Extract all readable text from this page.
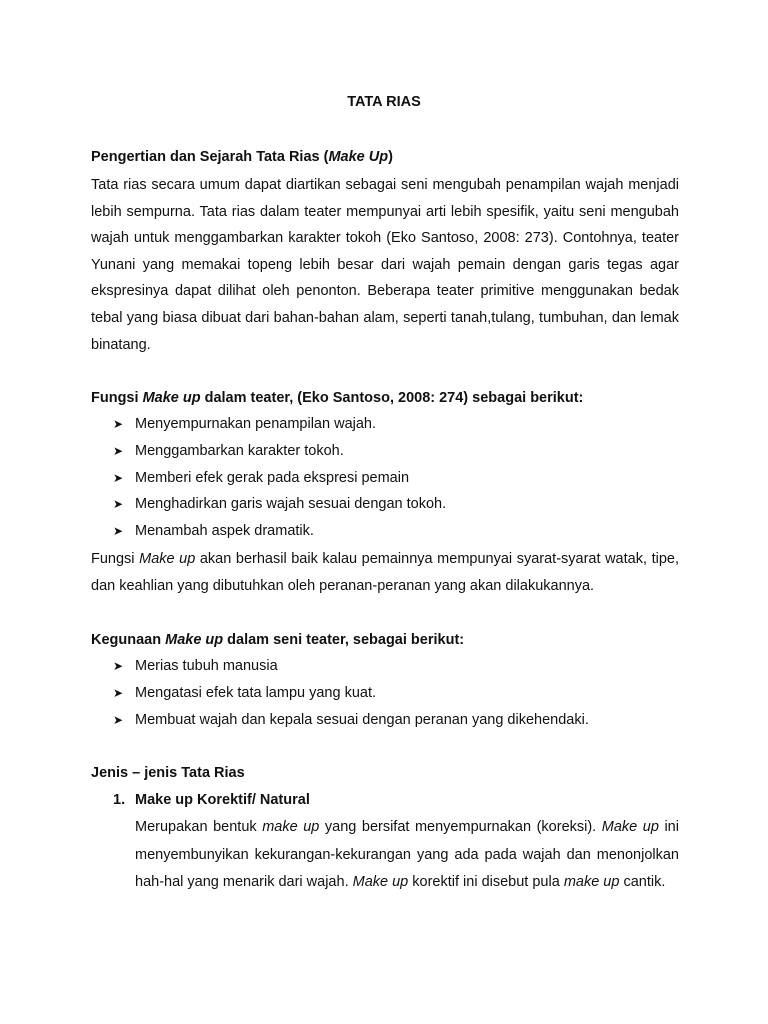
TATA RIAS
Pengertian dan Sejarah Tata Rias (Make Up)
Tata rias secara umum dapat diartikan sebagai seni mengubah penampilan wajah menjadi lebih sempurna. Tata rias dalam teater mempunyai arti lebih spesifik, yaitu seni mengubah wajah untuk menggambarkan karakter tokoh (Eko Santoso, 2008: 273). Contohnya, teater Yunani yang memakai topeng lebih besar dari wajah pemain dengan garis tegas agar ekspresinya dapat dilihat oleh penonton. Beberapa teater primitive menggunakan bedak tebal yang biasa dibuat dari bahan-bahan alam, seperti tanah,tulang, tumbuhan, dan lemak binatang.
Fungsi Make up dalam teater, (Eko Santoso, 2008: 274) sebagai berikut:
➤ Menyempurnakan penampilan wajah.
➤ Menggambarkan karakter tokoh.
➤ Memberi efek gerak pada ekspresi pemain
➤ Menghadirkan garis wajah sesuai dengan tokoh.
➤ Menambah aspek dramatik.
Fungsi Make up akan berhasil baik kalau pemainnya mempunyai syarat-syarat watak, tipe, dan keahlian yang dibutuhkan oleh peranan-peranan yang akan dilakukannya.
Kegunaan Make up dalam seni teater, sebagai berikut:
➤ Merias tubuh manusia
➤ Mengatasi efek tata lampu yang kuat.
➤ Membuat wajah dan kepala sesuai dengan peranan yang dikehendaki.
Jenis – jenis Tata Rias
1. Make up Korektif/ Natural
Merupakan bentuk make up yang bersifat menyempurnakan (koreksi). Make up ini menyembunyikan kekurangan-kekurangan yang ada pada wajah dan menonjolkan hah-hal yang menarik dari wajah. Make up korektif ini disebut pula make up cantik.
